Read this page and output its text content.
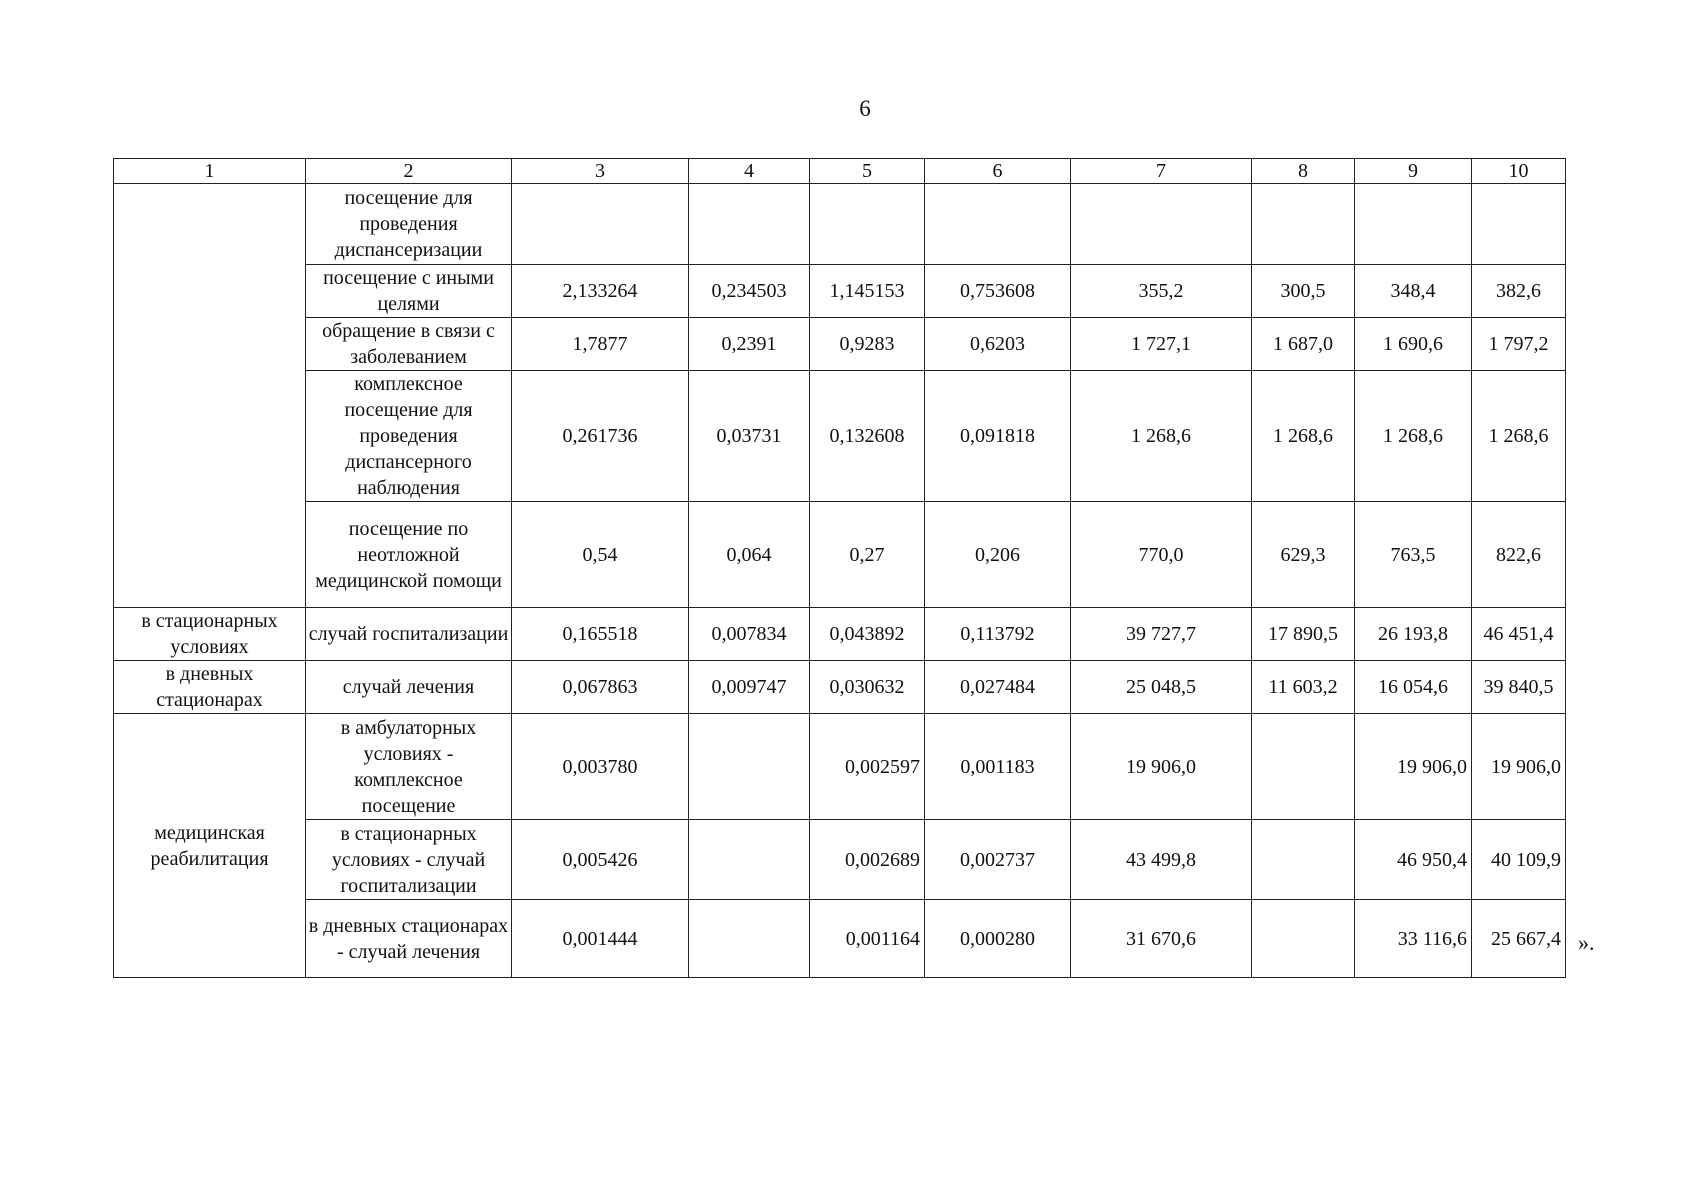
6
1	2	3	4	5	6	7	8	9	10
	посещение для проведения диспансеризации								
	посещение с иными целями	2,133264	0,234503	1,145153	0,753608	355,2	300,5	348,4	382,6
	обращение в связи с заболеванием	1,7877	0,2391	0,9283	0,6203	1 727,1	1 687,0	1 690,6	1 797,2
	комплексное посещение для проведения диспансерного наблюдения	0,261736	0,03731	0,132608	0,091818	1 268,6	1 268,6	1 268,6	1 268,6
	посещение по неотложной медицинской помощи	0,54	0,064	0,27	0,206	770,0	629,3	763,5	822,6
в стационарных условиях	случай госпитализации	0,165518	0,007834	0,043892	0,113792	39 727,7	17 890,5	26 193,8	46 451,4
в дневных стационарах	случай лечения	0,067863	0,009747	0,030632	0,027484	25 048,5	11 603,2	16 054,6	39 840,5
медицинская реабилитация	в амбулаторных условиях - комплексное посещение	0,003780		0,002597	0,001183	19 906,0		19 906,0	19 906,0
	в стационарных условиях - случай госпитализации	0,005426		0,002689	0,002737	43 499,8		46 950,4	40 109,9
	в дневных стационарах - случай лечения	0,001444		0,001164	0,000280	31 670,6		33 116,6	25 667,4 ».
